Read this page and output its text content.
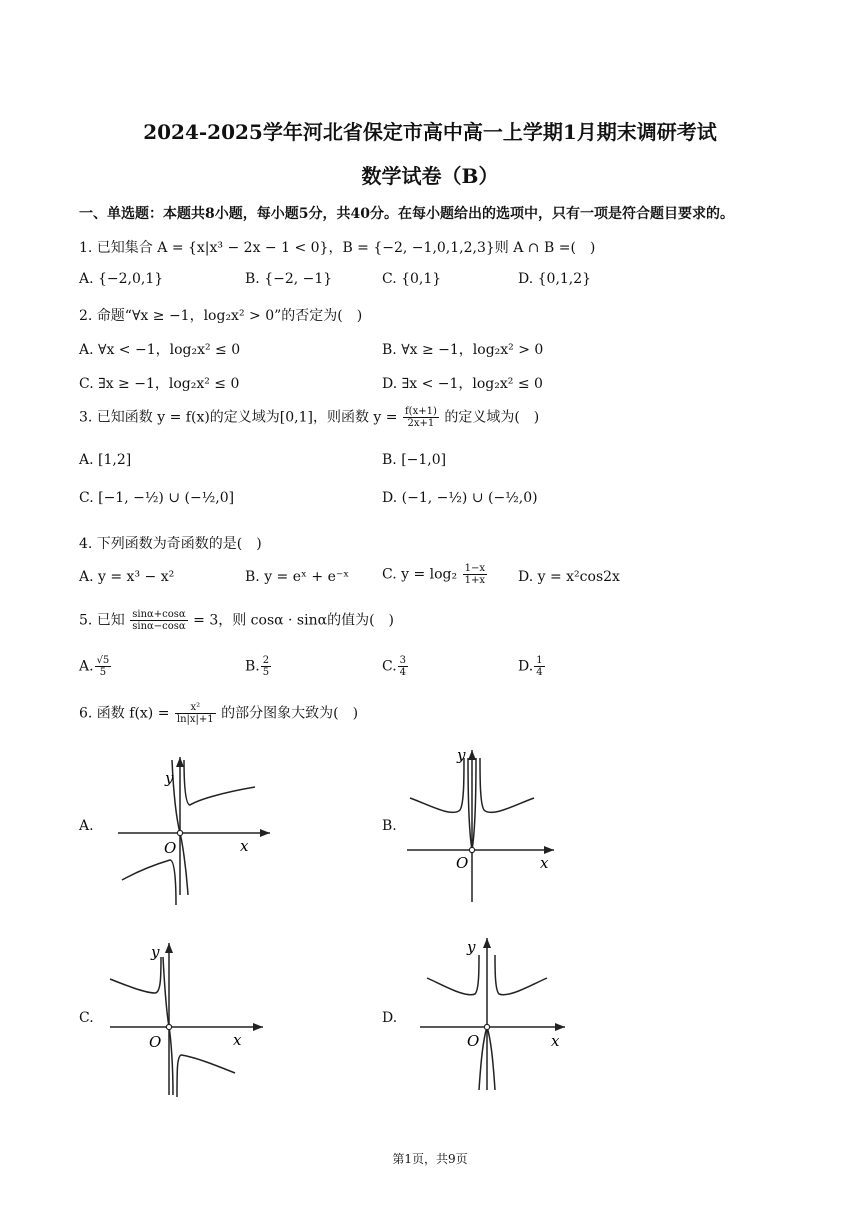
2024-2025学年河北省保定市高中高一上学期1月期末调研考试
数学试卷（B）
一、单选题：本题共8小题，每小题5分，共40分。在每小题给出的选项中，只有一项是符合题目要求的。
1. 已知集合 A = {x|x³ − 2x − 1 < 0}，B = {−2, −1,0,1,2,3}则 A ∩ B =(　)
A. {−2,0,1}	B. {−2, −1}	C. {0,1}	D. {0,1,2}
2. 命题“∀x ≥ −1，log₂x² > 0”的否定为(　)
A. ∀x < −1，log₂x² ≤ 0	B. ∀x ≥ −1，log₂x² > 0
C. ∃x ≥ −1，log₂x² ≤ 0	D. ∃x < −1，log₂x² ≤ 0
3. 已知函数 y = f(x)的定义域为[0,1]，则函数 $y = \frac{f(x+1)}{2x+1}$ 的定义域为(　)
A. [1,2]	B. [−1,0]
C. [−1, −½) ∪ (−½,0]	D. (−1, −½) ∪ (−½,0)
4. 下列函数为奇函数的是(　)
A. y = x³ − x²	B. y = eˣ + e⁻ˣ C. $y = \log_2 \frac{1-x}{1+x} D$. y = x²cos2x
5. 已知 $\frac{\sin\alpha+\cos\alpha}{\sin\alpha-\cos\alpha} = 3$，则 cosα · sinα的值为(　)
A. $\frac{√5}{5}$	B. $\frac{2}{5}$	C. $\frac{3}{4}$	D. $\frac{1}{4}$
6. 函数 $f(x) = \frac{\text{x²}}{\ln|x|+1}$ 的部分图象大致为(　)
A.	B.
C.	D.
y
x
O
y
x
O
y
x
O
y
x
O
第1页，共9页
